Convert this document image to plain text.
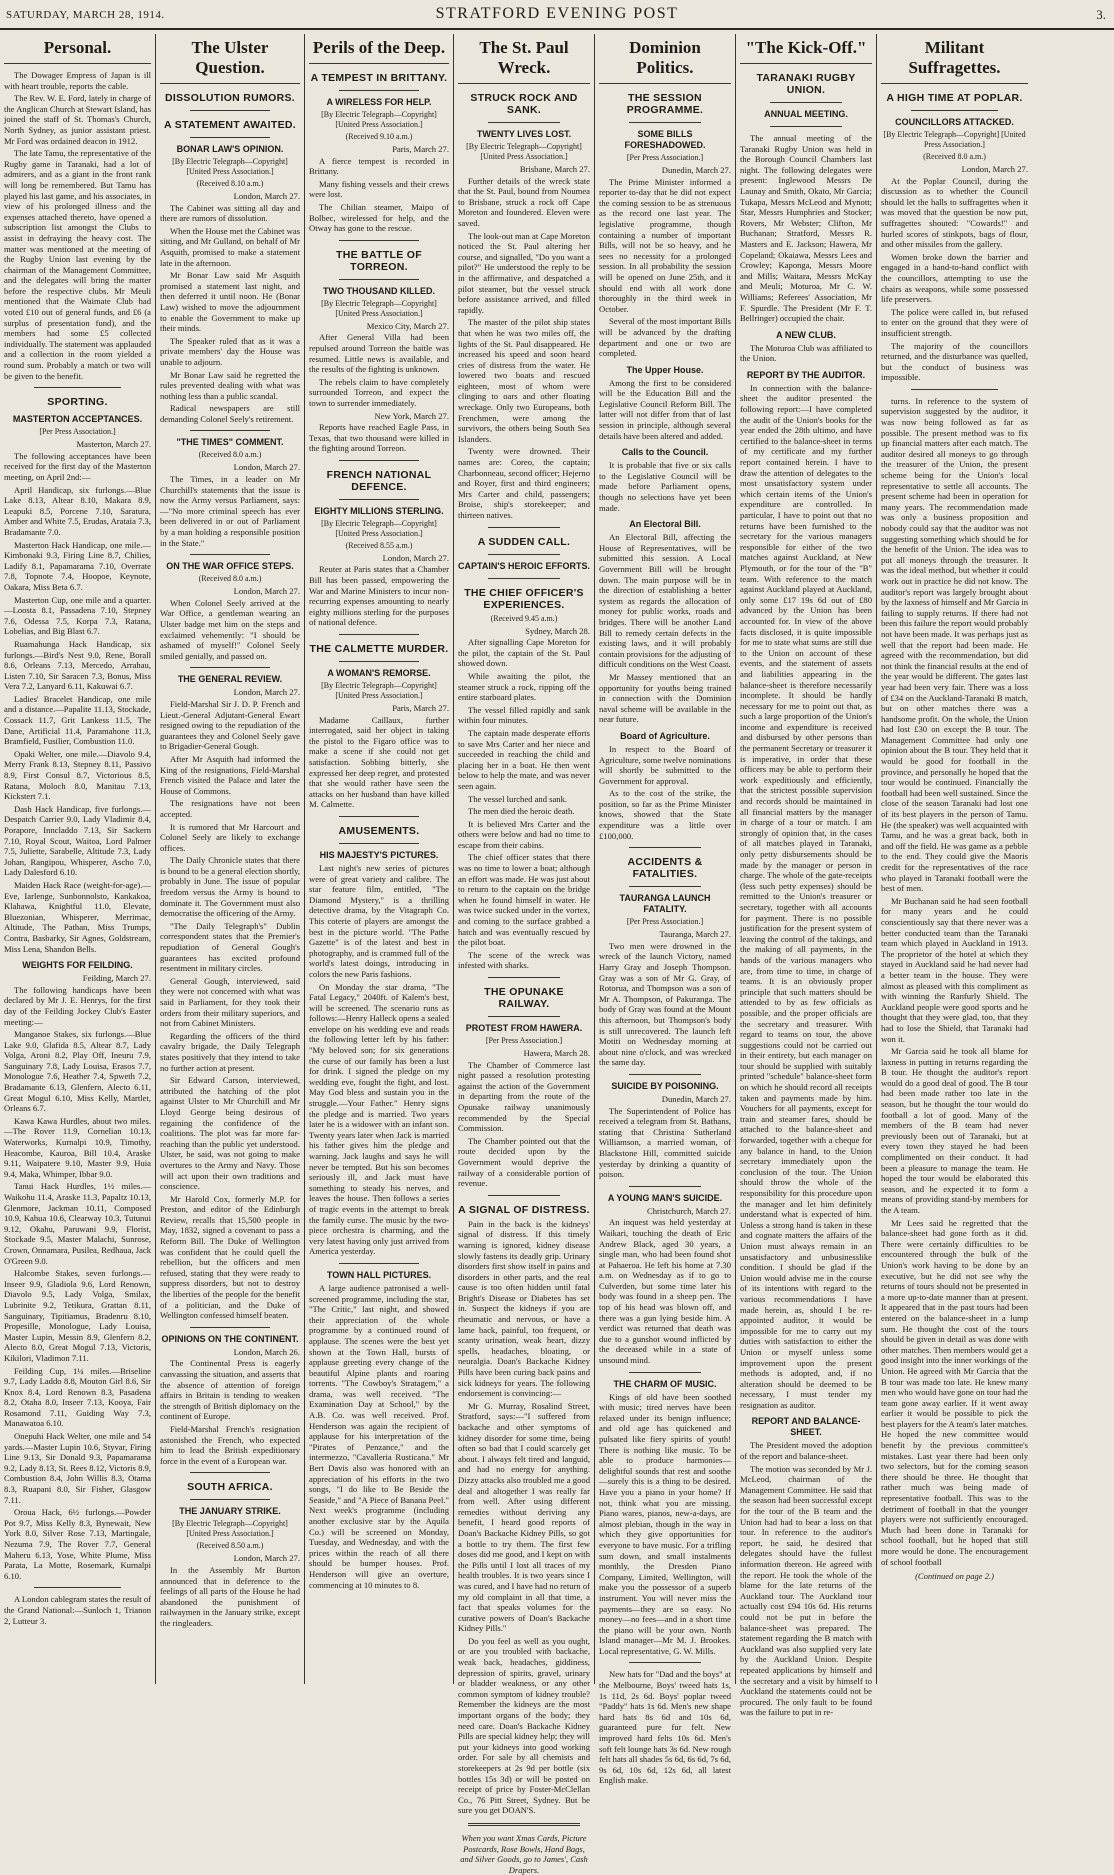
SATURDAY, MARCH 28, 1914.	STRATFORD EVENING POST	3.
Personal.

The Dowager Empress of Japan is ill with heart trouble, reports the cable.

The Rev. W. E. Ford, lately in charge of the Anglican Church at Stewart Island, has joined the staff of St. Thomas's Church, North Sydney, as junior assistant priest. Mr Ford was ordained deacon in 1912.

The late Tamu, the representative of the Rugby game in Taranaki, had a lot of admirers, and as a giant in the front rank will long be remembered. But Tamu has played his last game, and his associates, in view of his prolonged illness and the expenses attached thereto, have opened a subscription list amongst the Clubs to assist in defraying the heavy cost. The matter was mentioned at the meeting of the Rugby Union last evening by the chairman of the Management Committee, and the delegates will bring the matter before the respective clubs. Mr Meuli mentioned that the Waimate Club had voted £10 out of general funds, and £6 (a surplus of presentation fund), and the members had some £5 collected individually. The statement was applauded and a collection in the room yielded a round sum. Probably a match or two will be given to the benefit.

SPORTING.
MASTERTON ACCEPTANCES.
[Per Press Association.]
Masterton, March 27.

The following acceptances have been received for the first day of the Masterton meeting, on April 2nd:—

April Handicap, six furlongs.—Blue Lake 8.13, Altear 8.10, Makara 8.9, Leapuki 8.5, Porcene 7.10, Saratura, Amber and White 7.5, Erudas, Arataia 7.3, Bradamante 7.0.

Masterton Hack Handicap, one mile.—Kimbonaki 9.3, Firing Line 8.7, Chilies, Ladify 8.1, Papamarama 7.10, Overrate 7.8, Topnote 7.4, Hoopoe, Keynote, Oakara, Miss Beta 6.7.

Masterton Cup, one mile and a quarter.—Loosta 8.1, Passadena 7.10, Stepney 7.6, Odessa 7.5, Korpa 7.3, Ratana, Lobelias, and Big Blast 6.7.

Ruamahunga Hack Handicap, six furlongs.—Bird's Nest 9.0, Rene, Borall 8.6, Orleans 7.13, Mercedo, Arrahau, Listen 7.10, Sir Saracen 7.3, Bonus, Miss Vera 7.2, Lanyard 6.11, Kakuwai 6.7.

Ladies' Bracelet Handicap, one mile and a distance.—Papalite 11.13, Stockade, Cossack 11.7, Grit Lankess 11.5, The Dane, Artificial 11.4, Paramahone 11.3, Bramfield, Fusilier, Combustion 11.0.

Opaki Welter, one mile.—Diavolo 9.4, Merry Frank 8.13, Stepney 8.11, Passivo 8.9, First Consul 8.7, Victorious 8.5, Ratana, Moloch 8.0, Manitau 7.13, Kickstert 7.1.

Dash Hack Handicap, five furlongs.—Despatch Carrier 9.0, Lady Vladimir 8.4, Porapore, Inncladdo 7.13, Sir Sackern 7.10, Royal Scout, Waitoa, Lord Palmer 7.5, Juliette, Sarabelle, Altitude 7.3, Lady Johan, Rangipou, Whisperer, Ascho 7.0, Lady Dalesford 6.10.

Maiden Hack Race (weight-for-age).—Eve, Iarlenge, Sunbonnolsto, Kankakoa, Klahawa, Knightful 11.0, Elevate, Bluezonian, Whisperer, Merrimac, Altitude, The Pathan, Miss Trumps, Contra, Basbarky, Sir Agnes, Goldstream, Miss Lena, Shandon Bells.

WEIGHTS FOR FEILDING.
Feilding, March 27.

The following handicaps have been declared by Mr J. E. Henrys, for the first day of the Feilding Jockey Club's Easter meeting:—

Manganoe Stakes, six furlongs.—Blue Lake 9.0, Glafida 8.5, Altear 8.7, Lady Volga, Aroni 8.2, Play Off, Ineuru 7.9, Sanguinary 7.8, Lady Louisa, Erasos 7.7, Monologue 7.6, Heather 7.4, Spweth 7.2, Bradamante 6.13, Glenfern, Alecto 6.11, Great Mogul 6.10, Miss Kelly, Martlet, Orleans 6.7.

Kawa Kawa Hurdles, about two miles.—The Rover 11.9, Cornelian 10.13, Waterworks, Kurnalpi 10.9, Timothy, Heacombe, Kauroa, Bill 10.4, Araske 9.11, Waipatere 9.10, Master 9.9, Huia 9.4, Maka, Whimper, Ibbar 9.0.

Tanui Hack Hurdles, 1½ miles.—Waikohu 11.4, Araske 11.3, Papaltz 10.13, Glenmore, Jackman 10.11, Composed 10.9, Kahua 10.6, Clearway 10.3, Tutunui 9.12, Okahu, Paruwani 9.9, Florist, Stockade 9.5, Master Malachi, Sunrose, Crown, Onnamara, Pusilea, Redhaua, Jack O'Green 9.0.

Halcombe Stakes, seven furlongs.—Inseer 9.9, Gladiola 9.6, Lord Renown, Diavolo 9.5, Lady Volga, Smilax, Lubrinite 9.2, Tetikura, Grattan 8.11, Sanguinary, Tipitiamus, Bradenru 8.10, Propesille, Monologue, Lady Louisa, Master Lupin, Messin 8.9, Glenfern 8.2, Alecto 8.0, Great Mogul 7.13, Victoris, Kikilori, Vladimon 7.11.

Feilding Cup, 1¼ miles.—Briseline 9.7, Lady Laddo 8.8, Mouton Girl 8.6, Sir Knox 8.4, Lord Renown 8.3, Pasadena 8.2, Otaha 8.0, Inseer 7.13, Kooya, Fair Rosamond 7.11, Guiding Way 7.3, Manawatoa 6.10.

Onepuhi Hack Welter, one mile and 54 yards.—Master Lupin 10.6, Styvar, Firing Line 9.13, Sir Donald 9.3, Papamarama 9.2, Lady 8.13, St. Rees 8.12, Victoris 8.9, Combustion 8.4, John Willis 8.3, Otama 8.3, Ruapani 8.0, Sir Fisher, Glasgow 7.11.

Oroua Hack, 6½ furlongs.—Powder Pot 9.7, Miss Kelly 8.3, Bynewait, New York 8.0, Silver Rose 7.13, Martingale, Nezuma 7.9, The Rover 7.7, General Maheru 6.13, Yose, White Plume, Miss Parata, La Motte, Rosemark, Kurnalpi 6.10.

A London cablegram states the result of the Grand National:—Sunloch 1, Trianon 2, Lutteur 3.

The Ulster Question.
DISSOLUTION RUMORS.
A STATEMENT AWAITED.
BONAR LAW'S OPINION.
[By Electric Telegraph—Copyright] [United Press Association.]
(Received 8.10 a.m.)
London, March 27.

The Cabinet was sitting all day and there are rumors of dissolution.

When the House met the Cabinet was sitting, and Mr Gulland, on behalf of Mr Asquith, promised to make a statement late in the afternoon.

Mr Bonar Law said Mr Asquith promised a statement last night, and then deferred it until noon. He (Bonar Law) wished to move the adjournment to enable the Government to make up their minds.

The Speaker ruled that as it was a private members' day the House was unable to adjourn.

Mr Bonar Law said he regretted the rules prevented dealing with what was nothing less than a public scandal.

Radical newspapers are still demanding Colonel Seely's retirement.

"THE TIMES" COMMENT.
(Received 8.0 a.m.)
London, March 27.

The Times, in a leader on Mr Churchill's statements that the issue is now the Army versus Parliament, says:—"No more criminal speech has ever been delivered in or out of Parliament by a man holding a responsible position in the State."

ON THE WAR OFFICE STEPS.
(Received 8.0 a.m.)
London, March 27.

When Colonel Seely arrived at the War Office, a gentleman wearing an Ulster badge met him on the steps and exclaimed vehemently: "I should be ashamed of myself!" Colonel Seely smiled genially, and passed on.

THE GENERAL REVIEW.
London, March 27.

Field-Marshal Sir J. D. P. French and Lieut.-General Adjutant-General Ewart resigned owing to the repudiation of the guarantees they and Colonel Seely gave to Brigadier-General Gough.

After Mr Asquith had informed the King of the resignations, Field-Marshal French visited the Palace and later the House of Commons.

The resignations have not been accepted.

It is rumored that Mr Harcourt and Colonel Seely are likely to exchange offices.

The Daily Chronicle states that there is bound to be a general election shortly, probably in June. The issue of popular freedom versus the Army is bound to dominate it. The Government must also democratise the officering of the Army.

"The Daily Telegraph's" Dublin correspondent states that the Premier's repudiation of General Gough's guarantees has excited profound resentment in military circles.

General Gough, interviewed, said they were not concerned with what was said in Parliament, for they took their orders from their military superiors, and not from Cabinet Ministers.

Regarding the officers of the third cavalry brigade, the Daily Telegraph states positively that they intend to take no further action at present.

Sir Edward Carson, interviewed, attributed the hatching of the plot against Ulster to Mr Churchill and Mr Lloyd George being desirous of regaining the confidence of the coalitions. The plot was far more far-reaching than the public yet understood. Ulster, he said, was not going to make overtures to the Army and Navy. Those will act upon their own traditions and conscience.

Mr Harold Cox, formerly M.P. for Preston, and editor of the Edinburgh Review, recalls that 15,500 people in May, 1832, signed a covenant to pass a Reform Bill. The Duke of Wellington was confident that he could quell the rebellion, but the officers and men refused, stating that they were ready to suppress disorders, but not to destroy the liberties of the people for the benefit of a politician, and the Duke of Wellington confessed himself beaten.

OPINIONS ON THE CONTINENT.
London, March 26.

The Continental Press is eagerly canvassing the situation, and asserts that the absence of attention of foreign affairs in Britain is tending to weaken the strength of British diplomacy on the continent of Europe.

Field-Marshal French's resignation astonished the French, who expected him to lead the British expeditionary force in the event of a European war.

SOUTH AFRICA.
THE JANUARY STRIKE.
[By Electric Telegraph—Copyright] [United Press Association.]
(Received 8.50 a.m.)
London, March 27.

In the Assembly Mr Burton announced that in deference to the feelings of all parts of the House he had abandoned the punishment of railwaymen in the January strike, except the ringleaders.

Perils of the Deep.
A TEMPEST IN BRITTANY.
A WIRELESS FOR HELP.
[By Electric Telegraph—Copyright] [United Press Association.]
(Received 9.10 a.m.)
Paris, March 27.

A fierce tempest is recorded in Brittany.

Many fishing vessels and their crews were lost.

The Chilian steamer, Maipo of Bolbec, wirelessed for help, and the Otway has gone to the rescue.

THE BATTLE OF TORREON.
TWO THOUSAND KILLED.
[By Electric Telegraph—Copyright] [United Press Association.]
Mexico City, March 27.

After General Villa had been repulsed around Torreon the battle was resumed. Little news is available, and the results of the fighting is unknown.

The rebels claim to have completely surrounded Torreon, and expect the town to surrender immediately.

New York, March 27.

Reports have reached Eagle Pass, in Texas, that two thousand were killed in the fighting around Torreon.

FRENCH NATIONAL DEFENCE.
EIGHTY MILLIONS STERLING.
[By Electric Telegraph—Copyright] [United Press Association.]
(Received 8.55 a.m.)
London, March 27.

Reuter at Paris states that a Chamber Bill has been passed, empowering the War and Marine Ministers to incur non-recurring expenses amounting to nearly eighty millions sterling for the purposes of national defence.

THE CALMETTE MURDER.
A WOMAN'S REMORSE.
[By Electric Telegraph—Copyright] [United Press Association.]
Paris, March 27.

Madame Caillaux, further interrogated, said her object in taking the pistol to the Figaro office was to make a scene if she could not get satisfaction. Sobbing bitterly, she expressed her deep regret, and protested that she would rather have seen the attacks on her husband than have killed M. Calmette.

AMUSEMENTS.
HIS MAJESTY'S PICTURES.

Last night's new series of pictures were of great variety and calibre. The star feature film, entitled, "The Diamond Mystery," is a thrilling detective drama, by the Vitagraph Co. This coterie of players are amongst the best in the picture world. "The Pathe Gazette" is of the latest and best in photography, and is crammed full of the world's latest doings, introducing in colors the new Paris fashions.

On Monday the star drama, "The Fatal Legacy," 2040ft. of Kalem's best, will be screened. The scenario runs as follows:—Henry Halleck opens a sealed envelope on his wedding eve and reads the following letter left by his father: "My beloved son; for six generations the curse of our family has been a lust for drink. I signed the pledge on my wedding eve, fought the fight, and lost. May God bless and sustain you in the struggle.—Your Father." Henry signs the pledge and is married. Two years later he is a widower with an infant son. Twenty years later when Jack is married his father gives him the pledge and warning. Jack laughs and says he will never be tempted. But his son becomes seriously ill, and Jack must have something to steady his nerves, and leaves the house. Then follows a series of tragic events in the attempt to break the family curse. The music by the two-piece orchestra is charming, and the very latest having only just arrived from America yesterday.

TOWN HALL PICTURES.

A large audience patronised a well-screened programme, including the star, "The Critic," last night, and showed their appreciation of the whole programme by a continued round of applause. The scenes were the best yet shown at the Town Hall, bursts of applause greeting every change of the beautiful Alpine plants and roaring torrents. "The Cowboy's Stratagem," a drama, was well received. "The Examination Day at School," by the A.B. Co. was well received. Prof. Henderson was again the recipient of applause for his interpretation of the "Pirates of Penzance," and the intermezzo, "Cavalleria Rusticana." Mr Bert Davis also was honored with an appreciation of his efforts in the two songs, "I do like to Be Beside the Seaside," and "A Piece of Banana Peel." Next week's programme (including another exclusive star by the Aquila Co.) will be screened on Monday, Tuesday, and Wednesday, and with the prices within the reach of all there should be bumper houses. Prof. Henderson will give an overture, commencing at 10 minutes to 8.

The St. Paul Wreck.
STRUCK ROCK AND SANK.
TWENTY LIVES LOST.
[By Electric Telegraph—Copyright] [United Press Association.]
Brisbane, March 27.

Further details of the wreck state that the St. Paul, bound from Noumea to Brisbane, struck a rock off Cape Moreton and foundered. Eleven were saved.

The look-out man at Cape Moreton noticed the St. Paul altering her course, and signalled, "Do you want a pilot?" He understood the reply to be in the affirmative, and despatched a pilot steamer, but the vessel struck before assistance arrived, and filled rapidly.

The master of the pilot ship states that when he was two miles off, the lights of the St. Paul disappeared. He increased his speed and soon heard cries of distress from the water. He lowered two boats and rescued eighteen, most of whom were clinging to oars and other floating wreckage. Only two Europeans, both Frenchmen, were among the survivors, the others being South Sea Islanders.

Twenty were drowned. Their names are: Coreo, the captain; Charbonneau, second officer; Hejerno and Royer, first and third engineers; Mrs Carter and child, passengers; Broise, ship's storekeeper; and thirteen natives.

A SUDDEN CALL.
CAPTAIN'S HEROIC EFFORTS.
THE CHIEF OFFICER'S EXPERIENCES.
(Received 9.45 a.m.)
Sydney, March 28.

After signalling Cape Moreton for the pilot, the captain of the St. Paul showed down.

While awaiting the pilot, the steamer struck a rock, ripping off the entire starboard plates.

The vessel filled rapidly and sank within four minutes.

The captain made desperate efforts to save Mrs Carter and her niece and succeeded in reaching the child and placing her in a boat. He then went below to help the mate, and was never seen again.

The vessel lurched and sank.

The men died the heroic death.

It is believed Mrs Carter and the others were below and had no time to escape from their cabins.

The chief officer states that there was no time to lower a boat; although an effort was made. He was just about to return to the captain on the bridge when he found himself in water. He was twice sucked under in the vortex, and coming to the surface grabbed a hatch and was eventually rescued by the pilot boat.

The scene of the wreck was infested with sharks.

THE OPUNAKE RAILWAY.
PROTEST FROM HAWERA.
[Per Press Association.]
Hawera, March 28.

The Chamber of Commerce last night passed a resolution protesting against the action of the Government in departing from the route of the Opunake railway unanimously recommended by the Special Commission.

The Chamber pointed out that the route decided upon by the Government would deprive the railway of a considerable portion of revenue.

A SIGNAL OF DISTRESS.

Pain in the back is the kidneys' signal of distress. If this timely warning is ignored, kidney disease slowly fastens its deadly grip. Urinary disorders first show itself in pains and disorders in other parts, and the real cause is too often hidden until fatal Bright's Disease or Diabetes has set in. Suspect the kidneys if you are rheumatic and nervous, or have a lame back, painful, too frequent, or scanty urination, weak heart, dizzy spells, headaches, bloating, or neuralgia. Doan's Backache Kidney Pills have been curing back pains and sick kidneys for years. The following endorsement is convincing:—

Mr G. Murray, Rosalind Street, Stratford, says:—"I suffered from backache and other symptoms of kidney disorder for some time, being often so bad that I could scarcely get about. I always felt tired and languid, and had no energy for anything. Dizzy attacks also troubled me a good deal and altogether I was really far from well. After using different remedies without deriving any benefit, I heard good reports of Doan's Backache Kidney Pills, so got a bottle to try them. The first few doses did me good, and I kept on with the Pills until I lost all traces of my health troubles. It is two years since I was cured, and I have had no return of my old complaint in all that time, a fact that speaks volumes for the curative powers of Doan's Backache Kidney Pills."

Do you feel as well as you ought, or are you troubled with backache, weak back, headaches, giddiness, depression of spirits, gravel, urinary or bladder weakness, or any other common symptom of kidney trouble? Remember the kidneys are the most important organs of the body; they need care. Doan's Backache Kidney Pills are special kidney help; they will put your kidneys into good working order. For sale by all chemists and storekeepers at 2s 9d per bottle (six bottles 15s 3d) or will be posted on receipt of price by Foster-McClellan Co., 76 Pitt Street, Sydney. But be sure you get DOAN'S.

When you want Xmas Cards, Picture Postcards, Rose Bowls, Hand Bags, and Silver Goods, go to James', Cash Drapers.
Dominion Politics.
THE SESSION PROGRAMME.
SOME BILLS FORESHADOWED.
[Per Press Association.]
Dunedin, March 27.

The Prime Minister informed a reporter to-day that he did not expect the coming session to be as strenuous as the record one last year. The legislative programme, though containing a number of important Bills, will not be so heavy, and he sees no necessity for a prolonged session. In all probability the session will be opened on June 25th, and it should end with all work done thoroughly in the third week in October.

Several of the most important Bills will be advanced by the drafting department and one or two are completed.

The Upper House.

Among the first to be considered will be the Education Bill and the Legislative Council Reform Bill. The latter will not differ from that of last session in principle, although several details have been altered and added.

Calls to the Council.

It is probable that five or six calls to the Legislative Council will be made before Parliament opens, though no selections have yet been made.

An Electoral Bill.

An Electoral Bill, affecting the House of Representatives, will be submitted this session. A Local Government Bill will be brought down. The main purpose will be in the direction of establishing a better system as regards the allocation of money for public works, roads and bridges. There will be another Land Bill to remedy certain defects in the existing laws, and it will probably contain provisions for the adjusting of difficult conditions on the West Coast.

Mr Massey mentioned that an opportunity for youths being trained in connection with the Dominion naval scheme will be available in the near future.

Board of Agriculture.

In respect to the Board of Agriculture, some twelve nominations will shortly be submitted to the Government for approval.

As to the cost of the strike, the position, so far as the Prime Minister knows, showed that the State expenditure was a little over £100,000.

ACCIDENTS & FATALITIES.
TAURANGA LAUNCH FATALITY.
[Per Press Association.]
Tauranga, March 27.

Two men were drowned in the wreck of the launch Victory, named Harry Gray and Joseph Thompson. Gray was a son of Mr G. Gray, of Rotorua, and Thompson was a son of Mr A. Thompson, of Pakuranga. The body of Gray was found at the Mount this afternoon, but Thompson's body is still unrecovered. The launch left Motiti on Wednesday morning at about nine o'clock, and was wrecked the same day.

SUICIDE BY POISONING.
Dunedin, March 27.

The Superintendent of Police has received a telegram from St. Bathans, stating that Christina Sutherland Williamson, a married woman, of Blackstone Hill, committed suicide yesterday by drinking a quantity of poison.

A YOUNG MAN'S SUICIDE.
Christchurch, March 27.

An inquest was held yesterday at Waikari, touching the death of Eric Andrew Black, aged 30 years, a single man, who had been found shot at Pahaeroa. He left his home at 7.30 a.m. on Wednesday as if to go to Culverden, but some time later his body was found in a sheep pen. The top of his head was blown off, and there was a gun lying beside him. A verdict was returned that death was due to a gunshot wound inflicted by the deceased while in a state of unsound mind.

THE CHARM OF MUSIC.

Kings of old have been soothed with music; tired nerves have been relaxed under its benign influence; and old age has quickened and pulsated like fiery spirits of youth! There is nothing like music. To be able to produce harmonies—delightful sounds that rest and soothe—surely this is a thing to be desired. Have you a piano in your home? If not, think what you are missing. Piano wares, pianos, new-a-days, are almost plebian, though in the way in which they give opportunities for everyone to have music. For a trifling sum down, and small instalments monthly, the Dresden Piano Company, Limited, Wellington, will make you the possessor of a superb instrument. You will never miss the payments—they are so easy. No money—no fees—and in a short time the piano will be your own. North Island manager—Mr M. J. Brookes. Local representative, G. W. Mills.

New hats for "Dad and the boys" at the Melbourne, Boys' tweed hats 1s, 1s 11d, 2s 6d. Boys' poplar tweed "Paddy" hats 1s 6d. Men's new shape hard hats 8s 6d and 10s 6d, guaranteed pure fur felt. New improved hard felts 10s 6d. Men's soft felt lounge hats 3s 6d. New rough felt hats all shades 5s 6d, 6s 6d, 7s 6d, 9s 6d, 10s 6d, 12s 6d, all latest English make.

"The Kick-Off."
TARANAKI RUGBY UNION.
ANNUAL MEETING.

The annual meeting of the Taranaki Rugby Union was held in the Borough Council Chambers last night. The following delegates were present: Inglewood Messrs De Launay and Smith, Okato, Mr Garcia; Tukapa, Messrs McLeod and Mynott; Star, Messrs Humphries and Stocker; Rovers, Mr Webster; Clifton, Mr Buchanan; Stratford, Messrs R. Masters and E. Jackson; Hawera, Mr Copeland; Okaiawa, Messrs Lees and Crowley; Kaponga, Messrs Moore and Mills; Waitara, Messrs McKay and Meuli; Moturoa, Mr C. W. Williams; Referees' Association, Mr F. Spurdle. The President (Mr F. T. Bellringer) occupied the chair.

A NEW CLUB.

The Moturoa Club was affiliated to the Union.

REPORT BY THE AUDITOR.

In connection with the balance-sheet the auditor presented the following report:—I have completed the audit of the Union's books for the year ended the 28th ultimo, and have certified to the balance-sheet in terms of my certificate and my further report contained herein. I have to draw the attention of delegates to the most unsatisfactory system under which certain items of the Union's expenditure are controlled. In particular, I have to point out that no returns have been furnished to the secretary for the various managers responsible for either of the two matches against Auckland, at New Plymouth, or for the tour of the "B" team. With reference to the match against Auckland played at Auckland, only some £17 19s 6d out of £80 advanced by the Union has been accounted for. In view of the above facts disclosed, it is quite impossible for me to state what sums are still due to the Union on account of these events, and the statement of assets and liabilities appearing in the balance-sheet is therefore necessarily incomplete. It should be hardly necessary for me to point out that, as such a large proportion of the Union's income and expenditure is received and disbursed by other persons than the permanent Secretary or treasurer it is imperative, in order that these officers may be able to perform their work expeditiously and efficiently, that the strictest possible supervision and records should be maintained in all financial matters by the manager in charge of a tour or match. I am strongly of opinion that, in the cases of all matches played in Taranaki, only petty disbursements should be made by the manager or person in charge. The whole of the gate-receipts (less such petty expenses) should be remitted to the Union's treasurer or secretary, together with all accounts for payment. There is no possible justification for the present system of leaving the control of the takings, and the making of all payments, in the hands of the various managers who are, from time to time, in charge of teams. It is an obviously proper principle that such matters should be attended to by as few officials as possible, and the proper officials are the secretary and treasurer. With regard to teams on tour, the above suggestions could not be carried out in their entirety, but each manager on tour should be supplied with suitably printed "schedule" balance-sheet form on which he should record all receipts taken and payments made by him. Vouchers for all payments, except for train and steamer fares, should be attached to the balance-sheet and forwarded, together with a cheque for any balance in hand, to the Union secretary immediately upon the conclusion of the tour. The Union should throw the whole of the responsibility for this procedure upon the manager and let him definitely understand what is expected of him. Unless a strong hand is taken in these and cognate matters the affairs of the Union must always remain in an unsatisfactory and unbusinesslike condition. I should be glad if the Union would advise me in the course of its intentions with regard to the various recommendations I have made herein, as, should I be re-appointed auditor, it would be impossible for me to carry out my duties with satisfaction to either the Union or myself unless some improvement upon the present methods is adopted, and, if no alteration should be deemed to be necessary, I must tender my resignation as auditor.

REPORT AND BALANCE-SHEET.

The President moved the adoption of the report and balance-sheet.

The motion was seconded by Mr J. McLeod, chairman of the Management Committee. He said that the season had been successful except for the tour of the B team and the Union had had to bear a loss on that tour. In reference to the auditor's report, he said, he desired that delegates should have the fullest information thereon. He agreed with the report. He took the whole of the blame for the late returns of the Auckland tour. The Auckland tour actually cost £94 10s 6d. His returns could not be put in before the balance-sheet was prepared. The statement regarding the B match with Auckland was also supplied very late by the Auckland Union. Despite repeated applications by himself and the secretary and a visit by himself to Auckland the statements could not be procured. The only fault to be found was the failure to put in re-

Militant Suffragettes.
A HIGH TIME AT POPLAR.
COUNCILLORS ATTACKED.
[By Electric Telegraph—Copyright] [United Press Association.]
(Received 8.0 a.m.)
London, March 27.

At the Poplar Council, during the discussion as to whether the Council should let the halls to suffragettes when it was moved that the question be now put, suffragettes shouted: "Cowards!" and hurled scores of stinkpots, bags of flour, and other missiles from the gallery.

Women broke down the barrier and engaged in a hand-to-hand conflict with the councillors, attempting to use the chairs as weapons, while some possessed life preservers.

The police were called in, but refused to enter on the ground that they were of insufficient strength.

The majority of the councillors returned, and the disturbance was quelled, but the conduct of business was impossible.

turns. In reference to the system of supervision suggested by the auditor, it was now being followed as far as possible. The present method was to fix up financial matters after each match. The auditor desired all moneys to go through the treasurer of the Union, the present scheme being for the Union's local representative to settle all accounts. The present scheme had been in operation for many years. The recommendation made was only a business proposition and nobody could say that the auditor was not suggesting something which should be for the benefit of the Union. The idea was to put all moneys through the treasurer. It was the ideal method, but whether it could work out in practice he did not know. The auditor's report was largely brought about by the laxness of himself and Mr Garcia in failing to supply returns. If there had not been this failure the report would probably not have been made. It was perhaps just as well that the report had been made. He agreed with the recommendation, but did not think the financial results at the end of the year would be different. The gates last year had been very fair. There was a loss of £34 on the Auckland-Taranaki B match, but on other matches there was a handsome profit. On the whole, the Union had lost £30 on except the B tour. The Management Committee had only one opinion about the B tour. They held that it would be good for football in the province, and personally he hoped that the tour would be continued. Financially the football had been well sustained. Since the close of the season Taranaki had lost one of its best players in the person of Tamu. He (the speaker) was well acquainted with Tamu, and he was a great back, both in and off the field. He was game as a pebble to the end. They could give the Maoris credit for the representatives of the race who played in Taranaki football were the best of men.

Mr Buchanan said he had seen football for many years and he could conscientiously say that there never was a better conducted team than the Taranaki team which played in Auckland in 1913. The proprietor of the hotel at which they stayed in Auckland said he had never had a better team in the house. They were almost as pleased with this compliment as with winning the Ranfurly Shield. The Auckland people were good sports and he thought that they were glad, too, that they had to lose the Shield, that Taranaki had won it.

Mr Garcia said he took all blame for laxness in putting in returns regarding the B tour. He thought the auditor's report would do a good deal of good. The B tour had been made rather too late in the season, but he thought the tour would do football a lot of good. Many of the members of the B team had never previously been out of Taranaki, but at every town they stayed he had been complimented on their conduct. It had been a pleasure to manage the team. He hoped the tour would be elaborated this season, and he expected it to form a means of providing stand-by members for the A team.

Mr Lees said he regretted that the balance-sheet had gone forth as it did. There were certainly difficulties to be encountered through the bulk of the Union's work having to be done by an executive, but he did not see why the returns of tours should not be presented in a more up-to-date manner than at present. It appeared that in the past tours had been entered on the balance-sheet in a lump sum. He thought the cost of the tours should be given in detail as was done with other matches. Then members would get a good insight into the inner workings of the Union. He agreed with Mr Garcia that the B tour was made too late. He knew many men who would have gone on tour had the team gone away earlier. If it went away earlier it would be possible to pick the best players for the A team's later matches. He hoped the new committee would benefit by the previous committee's mistakes. Last year there had been only two selectors, but for the coming season there should be three. He thought that rather much was being made of representative football. This was to the detriment of football in that the younger players were not sufficiently encouraged. Much had been done in Taranaki for school football, but he hoped that still more would be done. The encouragement of school football

(Continued on page 2.)
